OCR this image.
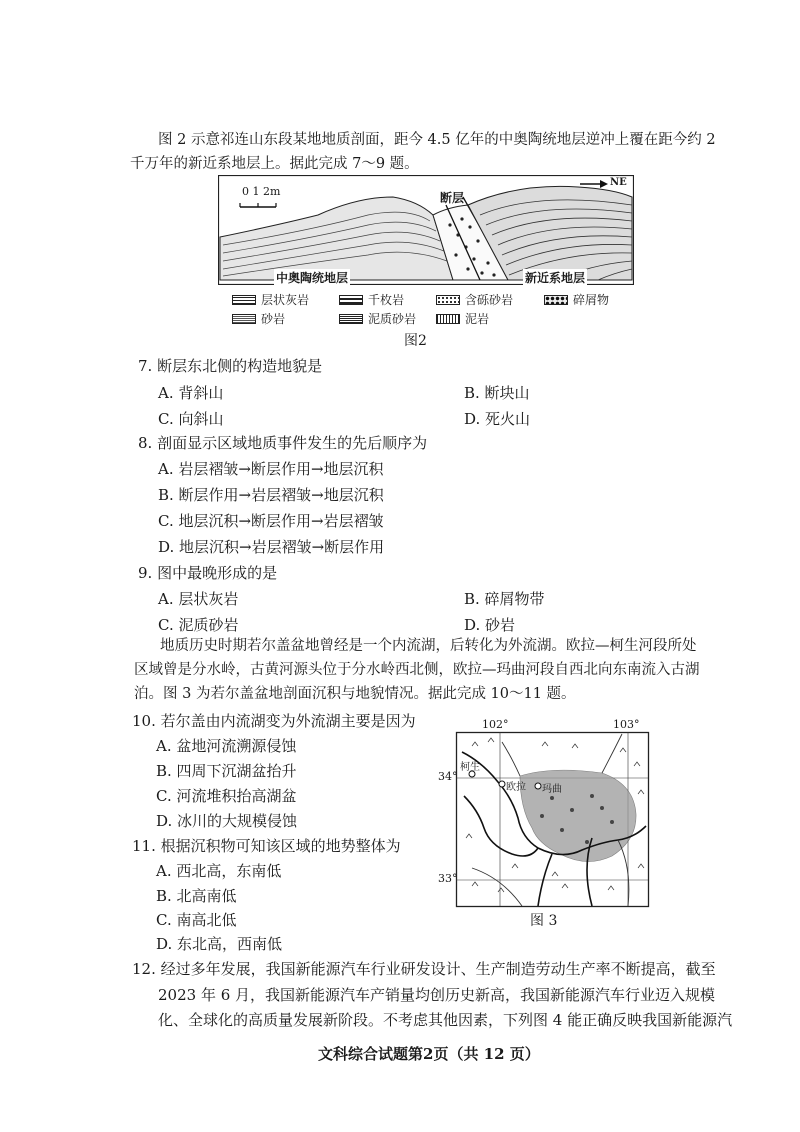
图 2 示意祁连山东段某地地质剖面，距今 4.5 亿年的中奥陶统地层逆冲上覆在距今约 2
千万年的新近系地层上。据此完成 7～9 题。
0 1 2m
NE
断层
中奥陶统地层	新近系地层
层状灰岩	千枚岩	含砾砂岩	碎屑物
砂岩	泥质砂岩	泥岩
图2
7. 断层东北侧的构造地貌是
A. 背斜山	B. 断块山
C. 向斜山	D. 死火山
8. 剖面显示区域地质事件发生的先后顺序为
A. 岩层褶皱→断层作用→地层沉积
B. 断层作用→岩层褶皱→地层沉积
C. 地层沉积→断层作用→岩层褶皱
D. 地层沉积→岩层褶皱→断层作用
9. 图中最晚形成的是
A. 层状灰岩	B. 碎屑物带
C. 泥质砂岩	D. 砂岩
地质历史时期若尔盖盆地曾经是一个内流湖，后转化为外流湖。欧拉—柯生河段所处
区域曾是分水岭，古黄河源头位于分水岭西北侧，欧拉—玛曲河段自西北向东南流入古湖
泊。图 3 为若尔盖盆地剖面沉积与地貌情况。据此完成 10～11 题。
10. 若尔盖由内流湖变为外流湖主要是因为
A. 盆地河流溯源侵蚀
B. 四周下沉湖盆抬升
C. 河流堆积抬高湖盆
D. 冰川的大规模侵蚀
11. 根据沉积物可知该区域的地势整体为
A. 西北高，东南低
B. 北高南低
C. 南高北低
D. 东北高，西南低
102°	103°
34°
33°
欧拉
柯生
玛曲
图 3
12. 经过多年发展，我国新能源汽车行业研发设计、生产制造劳动生产率不断提高，截至
2023 年 6 月，我国新能源汽车产销量均创历史新高，我国新能源汽车行业迈入规模
化、全球化的高质量发展新阶段。不考虑其他因素，下列图 4 能正确反映我国新能源汽
文科综合试题第2页（共 12 页）
